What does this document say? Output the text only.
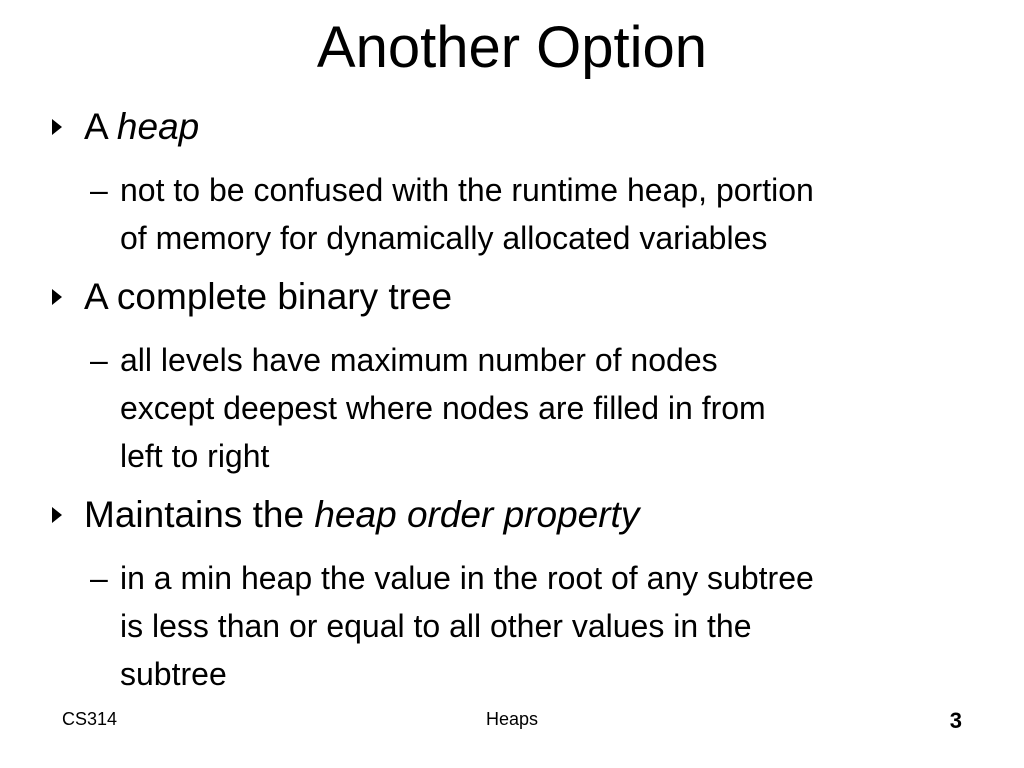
Another Option
A heap
– not to be confused with the runtime heap, portion
of memory for dynamically allocated variables
A complete binary tree
– all levels have maximum number of nodes
except deepest where nodes are filled in from
left to right
Maintains the heap order property
– in a min heap the value in the root of any subtree
is less than or equal to all other values in the
subtree
CS314	Heaps	3
